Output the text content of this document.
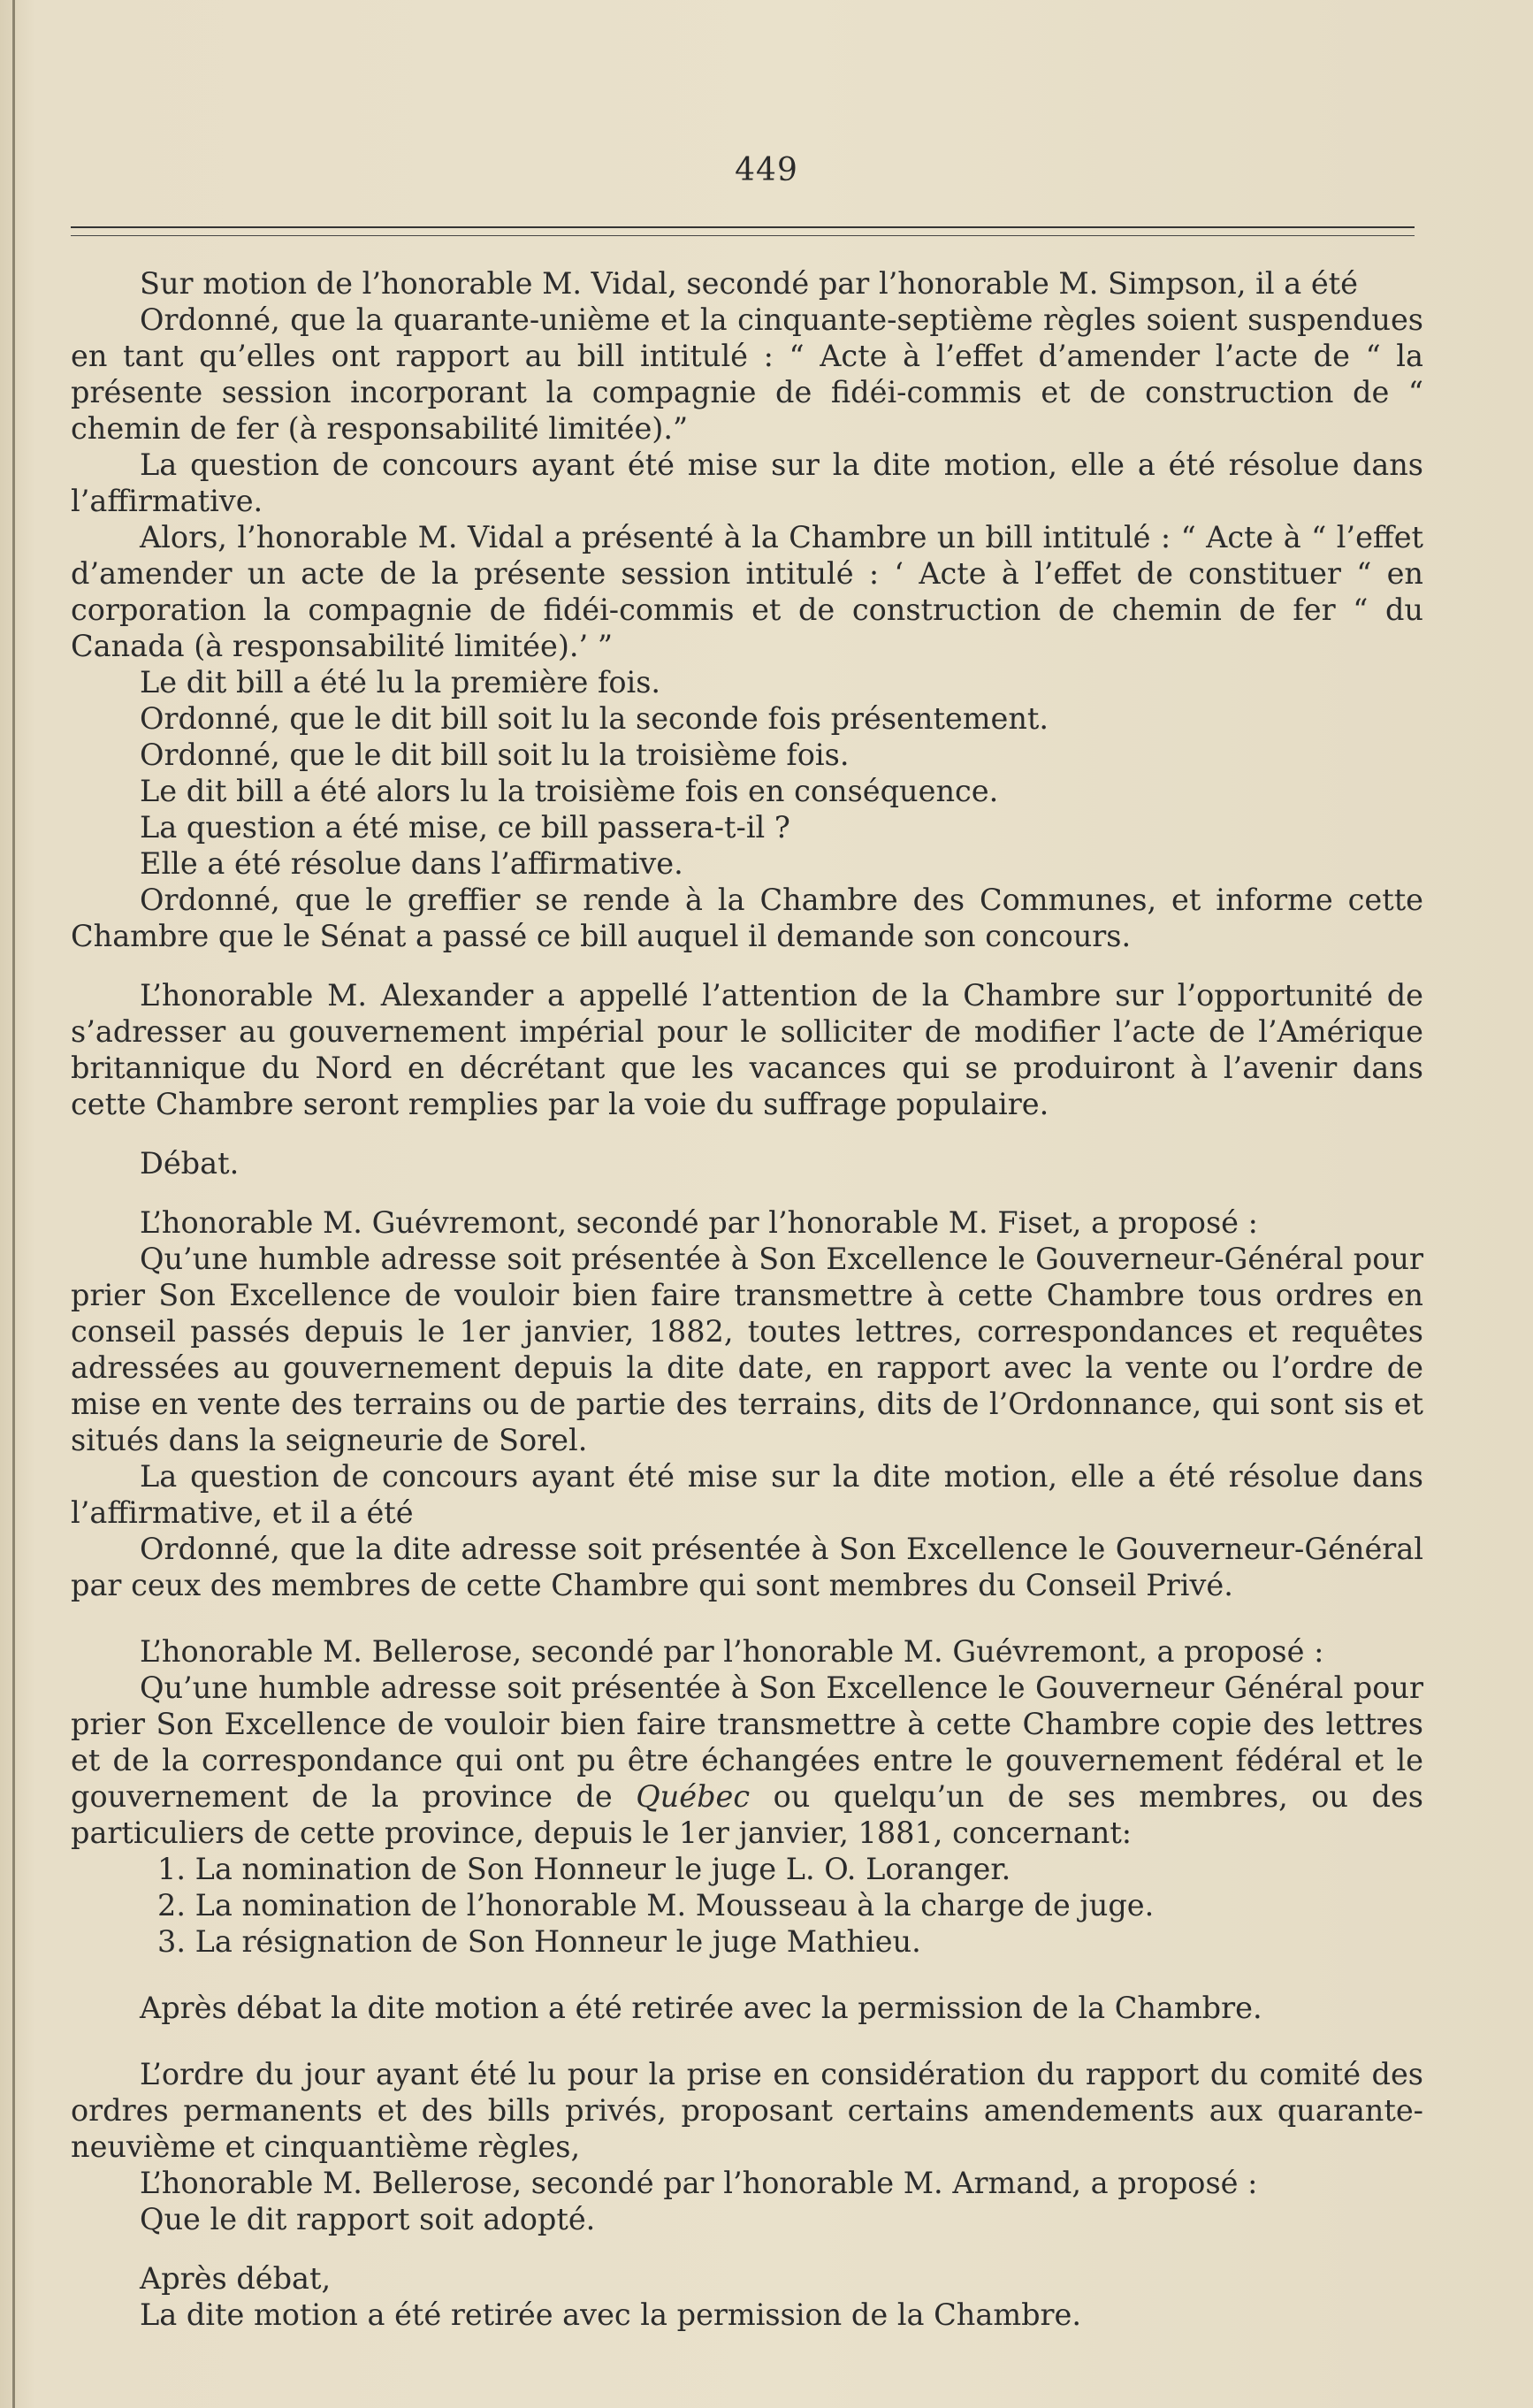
449

Sur motion de l’honorable M. Vidal, secondé par l’honorable M. Simpson, il a été

Ordonné, que la quarante-unième et la cinquante-septième règles soient suspendues en tant qu’elles ont rapport au bill intitulé : “ Acte à l’effet d’amender l’acte de “ la présente session incorporant la compagnie de fidéi-commis et de construction de “ chemin de fer (à responsabilité limitée).”

La question de concours ayant été mise sur la dite motion, elle a été résolue dans l’affirmative.

Alors, l’honorable M. Vidal a présenté à la Chambre un bill intitulé : “ Acte à “ l’effet d’amender un acte de la présente session intitulé : ‘ Acte à l’effet de constituer “ en corporation la compagnie de fidéi-commis et de construction de chemin de fer “ du Canada (à responsabilité limitée).’ ”

Le dit bill a été lu la première fois.

Ordonné, que le dit bill soit lu la seconde fois présentement.

Ordonné, que le dit bill soit lu la troisième fois.

Le dit bill a été alors lu la troisième fois en conséquence.

La question a été mise, ce bill passera-t-il ?

Elle a été résolue dans l’affirmative.

Ordonné, que le greffier se rende à la Chambre des Communes, et informe cette Chambre que le Sénat a passé ce bill auquel il demande son concours.

L’honorable M. Alexander a appellé l’attention de la Chambre sur l’opportunité de s’adresser au gouvernement impérial pour le solliciter de modifier l’acte de l’Amérique britannique du Nord en décrétant que les vacances qui se produiront à l’avenir dans cette Chambre seront remplies par la voie du suffrage populaire.

Débat.

L’honorable M. Guévremont, secondé par l’honorable M. Fiset, a proposé :

Qu’une humble adresse soit présentée à Son Excellence le Gouverneur-Général pour prier Son Excellence de vouloir bien faire transmettre à cette Chambre tous ordres en conseil passés depuis le 1er janvier, 1882, toutes lettres, correspondances et requêtes adressées au gouvernement depuis la dite date, en rapport avec la vente ou l’ordre de mise en vente des terrains ou de partie des terrains, dits de l’Ordonnance, qui sont sis et situés dans la seigneurie de Sorel.

La question de concours ayant été mise sur la dite motion, elle a été résolue dans l’affirmative, et il a été

Ordonné, que la dite adresse soit présentée à Son Excellence le Gouverneur-Général par ceux des membres de cette Chambre qui sont membres du Conseil Privé.

L’honorable M. Bellerose, secondé par l’honorable M. Guévremont, a proposé :

Qu’une humble adresse soit présentée à Son Excellence le Gouverneur Général pour prier Son Excellence de vouloir bien faire transmettre à cette Chambre copie des lettres et de la correspondance qui ont pu être échangées entre le gouvernement fédéral et le gouvernement de la province de Québec ou quelqu’un de ses membres, ou des particuliers de cette province, depuis le 1er janvier, 1881, concernant:

1. La nomination de Son Honneur le juge L. O. Loranger.

2. La nomination de l’honorable M. Mousseau à la charge de juge.

3. La résignation de Son Honneur le juge Mathieu.

Après débat la dite motion a été retirée avec la permission de la Chambre.

L’ordre du jour ayant été lu pour la prise en considération du rapport du comité des ordres permanents et des bills privés, proposant certains amendements aux quarante-neuvième et cinquantième règles,

L’honorable M. Bellerose, secondé par l’honorable M. Armand, a proposé :

Que le dit rapport soit adopté.

Après débat,

La dite motion a été retirée avec la permission de la Chambre.
